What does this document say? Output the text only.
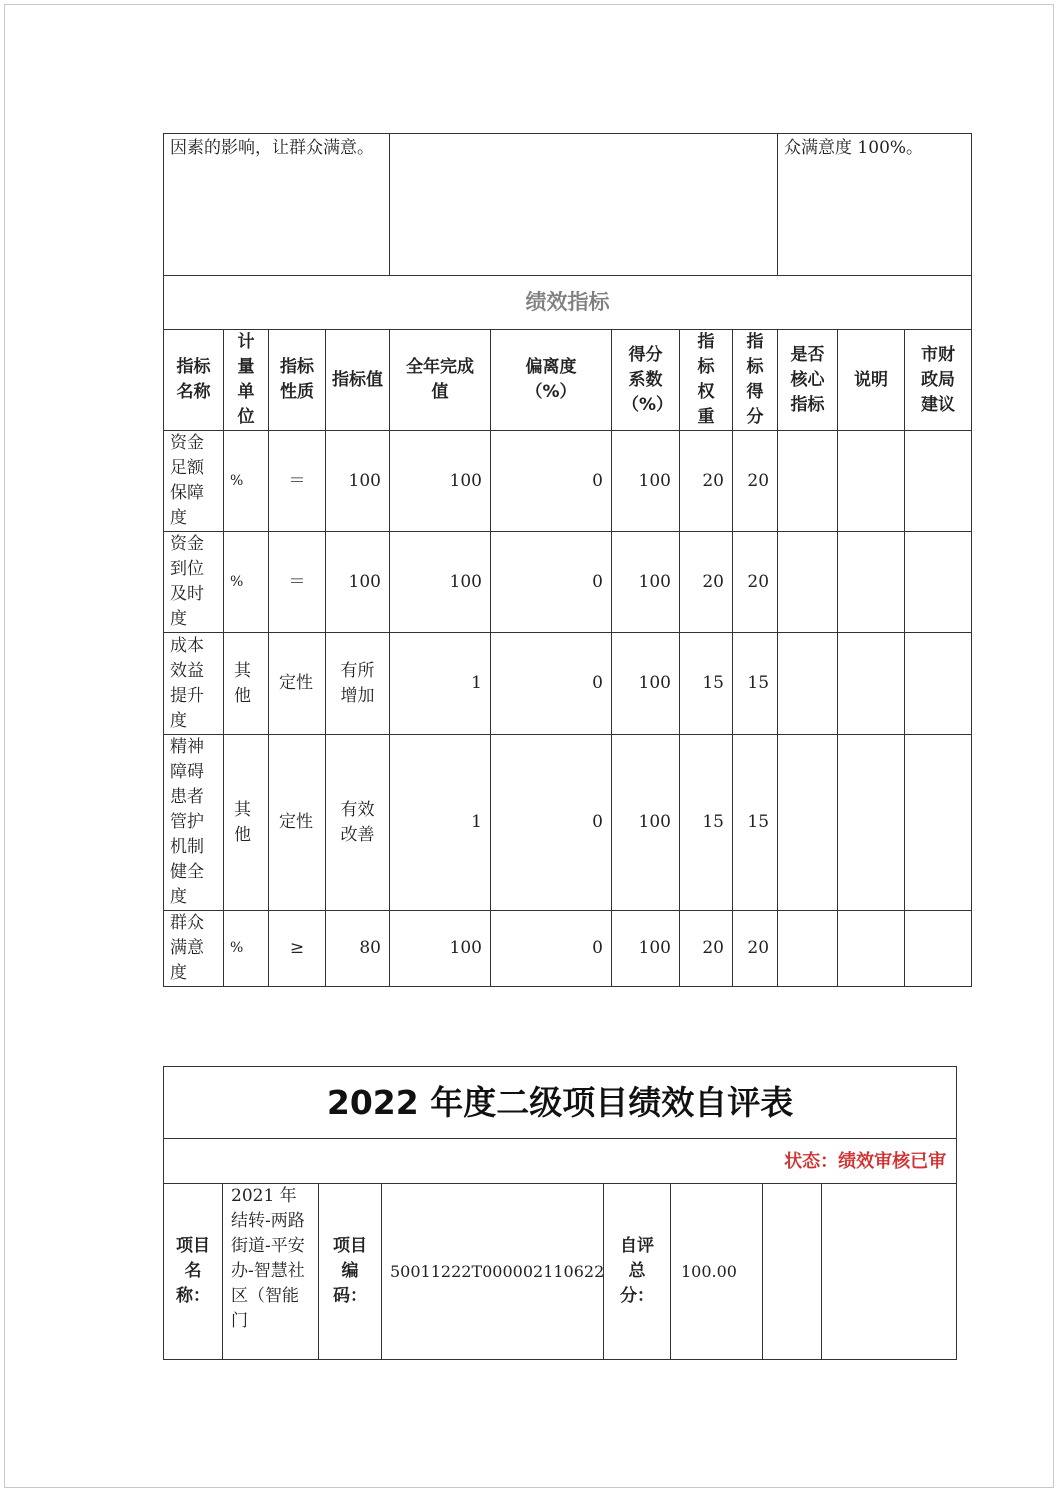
因素的影响，让群众满意。									众满意度 100%。		
绩效指标											
指标名称	计量单位	指标性质	指标值	全年完成值	偏离度（%）	得分系数（%）	指标权重	指标得分	是否核心指标	说明	市财政局建议
资金足额保障度	%	＝	100	100	0	100	20	20			
资金到位及时度	%	＝	100	100	0	100	20	20			
成本效益提升度	其他	定性	有所增加	1	0	100	15	15			
精神障碍患者管护机制健全度	其他	定性	有效改善	1	0	100	15	15			
群众满意度	%	≥	80	100	0	100	20	20			
2022 年度二级项目绩效自评表
状态：绩效审核已审
项目名称：	2021 年结转-两路街道-平安办-智慧社区（智能门	项目编码：	50011222T000002110622	自评总分：	100.00		
